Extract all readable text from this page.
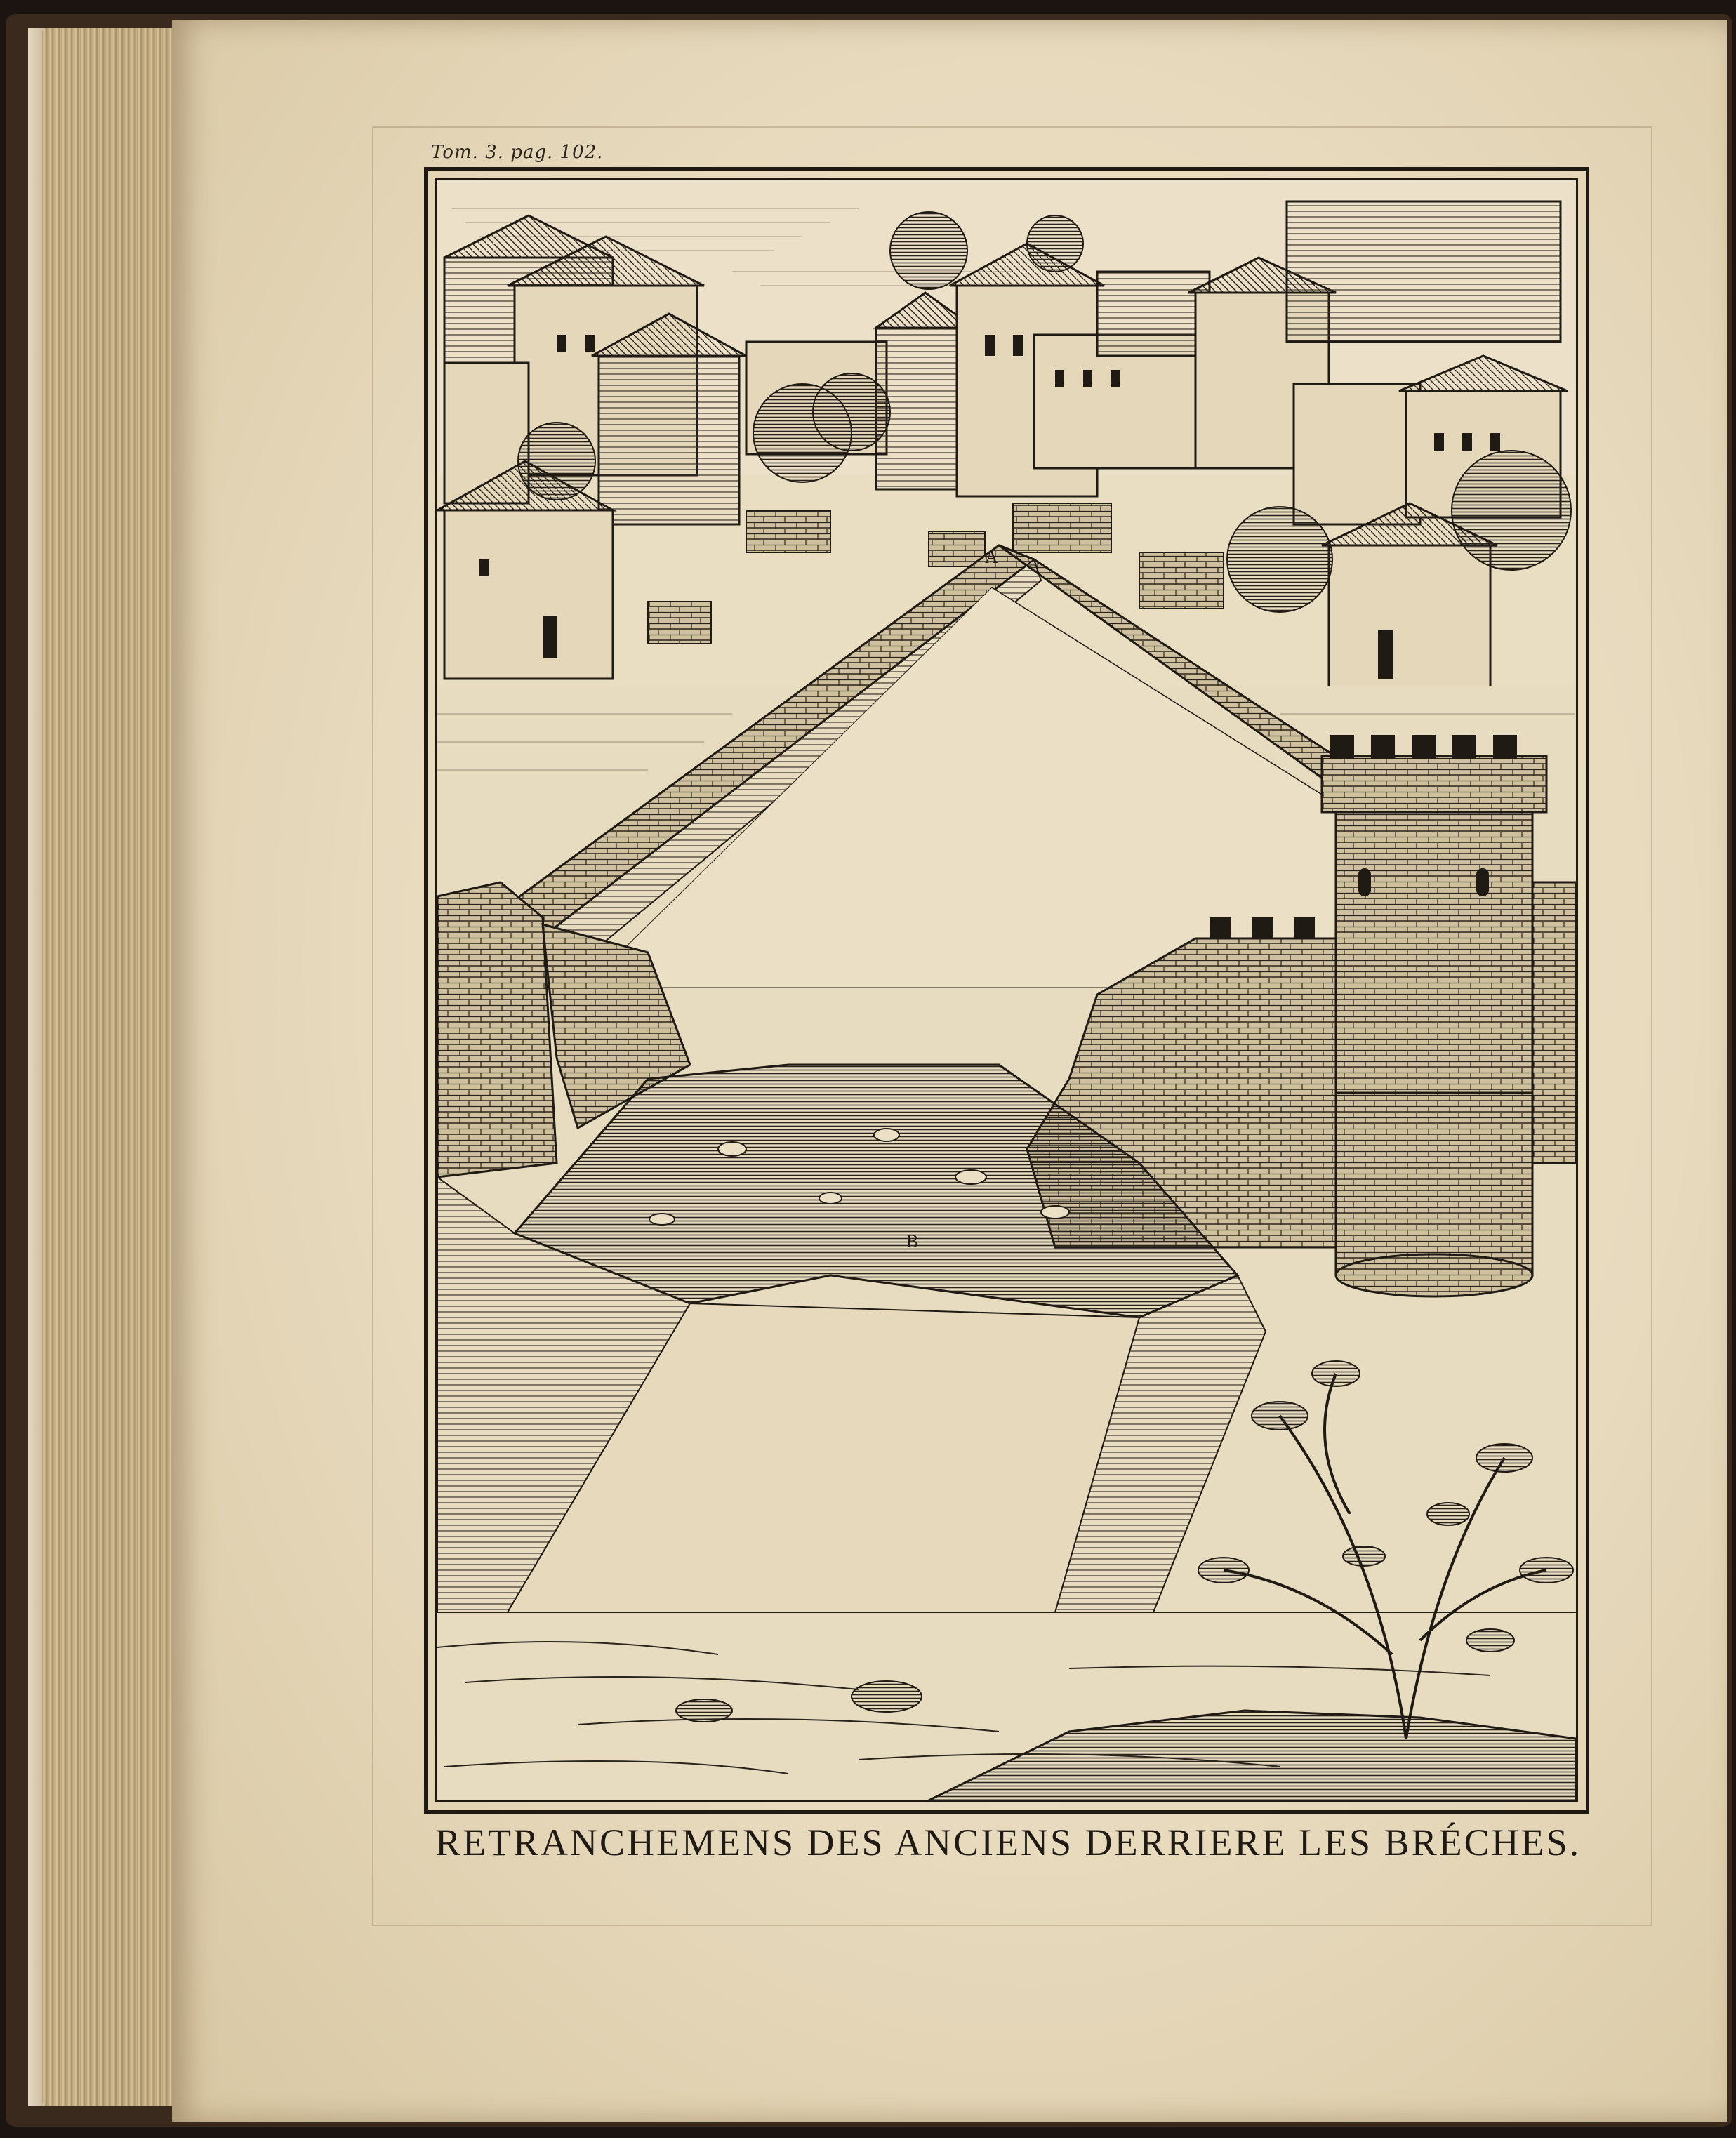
Tom. 3. pag. 102.
A
B
RETRANCHEMENS DES ANCIENS DERRIERE LES BRÉCHES.
